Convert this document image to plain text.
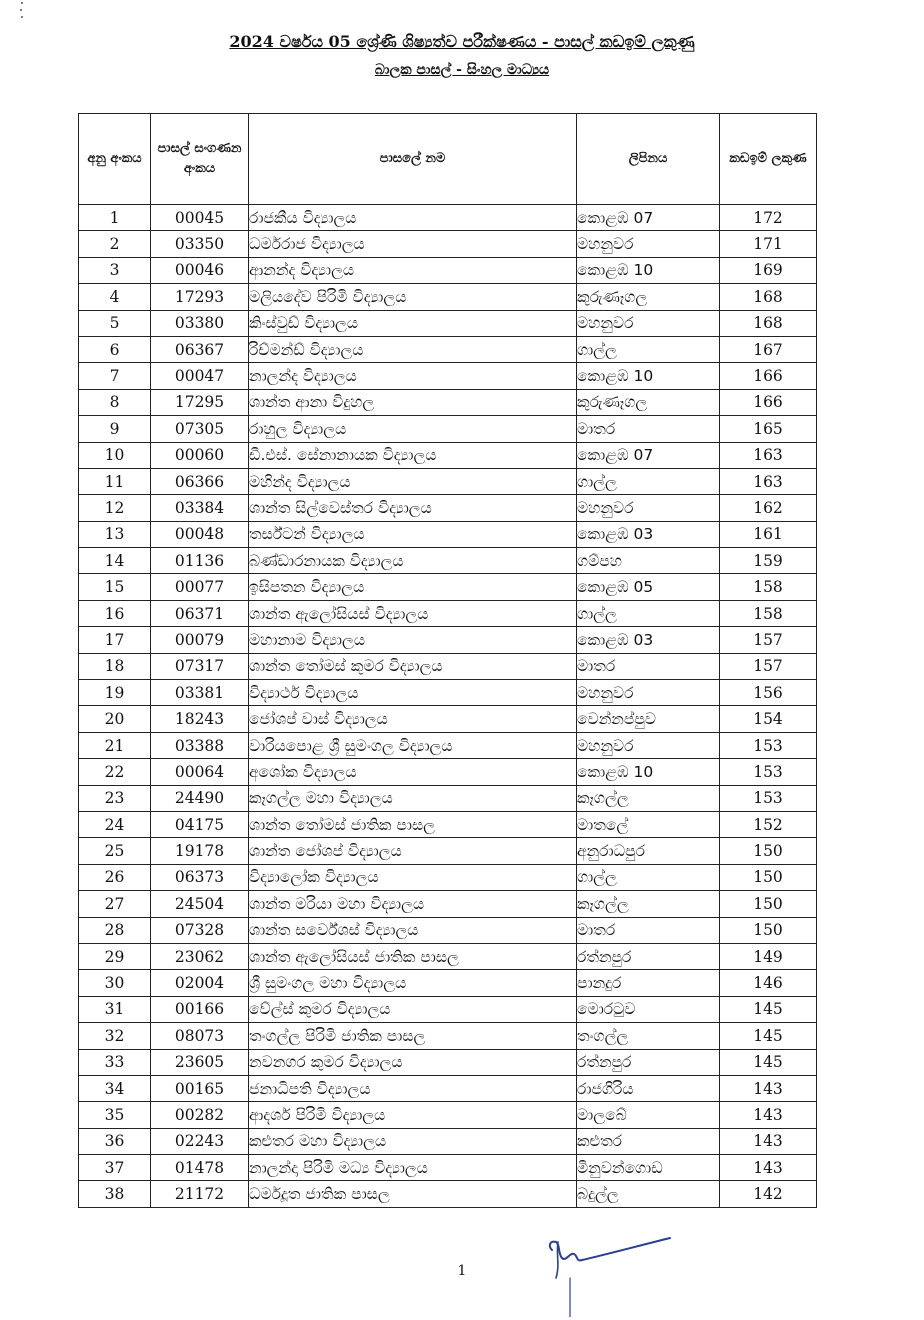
2024 වර්ෂය 05 ශ්‍රේණි ශිෂ්‍යත්ව පරීක්ෂණය - පාසල් කඩඉම් ලකුණු
බාලක පාසල් - සිංහල මාධ්‍යය
අනු අංකය	පාසල් සංගණන අංකය	පාසලේ නම	ලිපිනය	කඩඉම් ලකුණ
1	00045	රාජකීය විද්‍යාලය	කොළඹ 07	172
2	03350	ධර්මරාජ විද්‍යාලය	මහනුවර	171
3	00046	ආනන්ද විද්‍යාලය	කොළඹ 10	169
4	17293	මලියදේව පිරිමි විද්‍යාලය	කුරුණෑගල	168
5	03380	කිංස්වුඩ් විද්‍යාලය	මහනුවර	168
6	06367	රිච්මන්ඩ් විද්‍යාලය	ගාල්ල	167
7	00047	නාලන්ද විද්‍යාලය	කොළඹ 10	166
8	17295	ශාන්ත ආනා විදුහල	කුරුණෑගල	166
9	07305	රාහුල විද්‍යාලය	මාතර	165
10	00060	ඩී.එස්. සේනානායක විද්‍යාලය	කොළඹ 07	163
11	06366	මහින්ද විද්‍යාලය	ගාල්ල	163
12	03384	ශාන්ත සිල්වෙස්තර විද්‍යාලය	මහනුවර	162
13	00048	තර්ස්ටන් විද්‍යාලය	කොළඹ 03	161
14	01136	බණ්ඩාරනායක විද්‍යාලය	ගම්පහ	159
15	00077	ඉසිපතන විද්‍යාලය	කොළඹ 05	158
16	06371	ශාන්ත ඇලෝසියස් විද්‍යාලය	ගාල්ල	158
17	00079	මහානාම විද්‍යාලය	කොළඹ 03	157
18	07317	ශාන්ත තෝමස් කුමර විද්‍යාලය	මාතර	157
19	03381	විද්‍යාර්ථ විද්‍යාලය	මහනුවර	156
20	18243	ජෝශප් වාස් විද්‍යාලය	වෙන්නප්පුව	154
21	03388	වාරියපොළ ශ්‍රී සුමංගල විද්‍යාලය	මහනුවර	153
22	00064	අශෝක විද්‍යාලය	කොළඹ 10	153
23	24490	කෑගල්ල මහා විද්‍යාලය	කෑගල්ල	153
24	04175	ශාන්ත තෝමස් ජාතික පාසල	මාතලේ	152
25	19178	ශාන්ත ජෝශප් විද්‍යාලය	අනුරාධපුර	150
26	06373	විද්‍යාලෝක විද්‍යාලය	ගාල්ල	150
27	24504	ශාන්ත මරියා මහා විද්‍යාලය	කෑගල්ල	150
28	07328	ශාන්ත සර්වේශස් විද්‍යාලය	මාතර	150
29	23062	ශාන්ත ඇලෝසියස් ජාතික පාසල	රත්නපුර	149
30	02004	ශ්‍රී සුමංගල මහා විද්‍යාලය	පානදුර	146
31	00166	වේල්ස් කුමර විද්‍යාලය	මොරටුව	145
32	08073	තංගල්ල පිරිමි ජාතික පාසල	තංගල්ල	145
33	23605	නවනගර කුමර විද්‍යාලය	රත්නපුර	145
34	00165	ජනාධිපති විද්‍යාලය	රාජගිරිය	143
35	00282	ආදර්ශ පිරිමි විද්‍යාලය	මාලබේ	143
36	02243	කළුතර මහා විද්‍යාලය	කළුතර	143
37	01478	නාලන්දා පිරිමි මධ්‍ය විද්‍යාලය	මිනුවන්ගොඩ	143
38	21172	ධර්මදූත ජාතික පාසල	බදුල්ල	142
1
